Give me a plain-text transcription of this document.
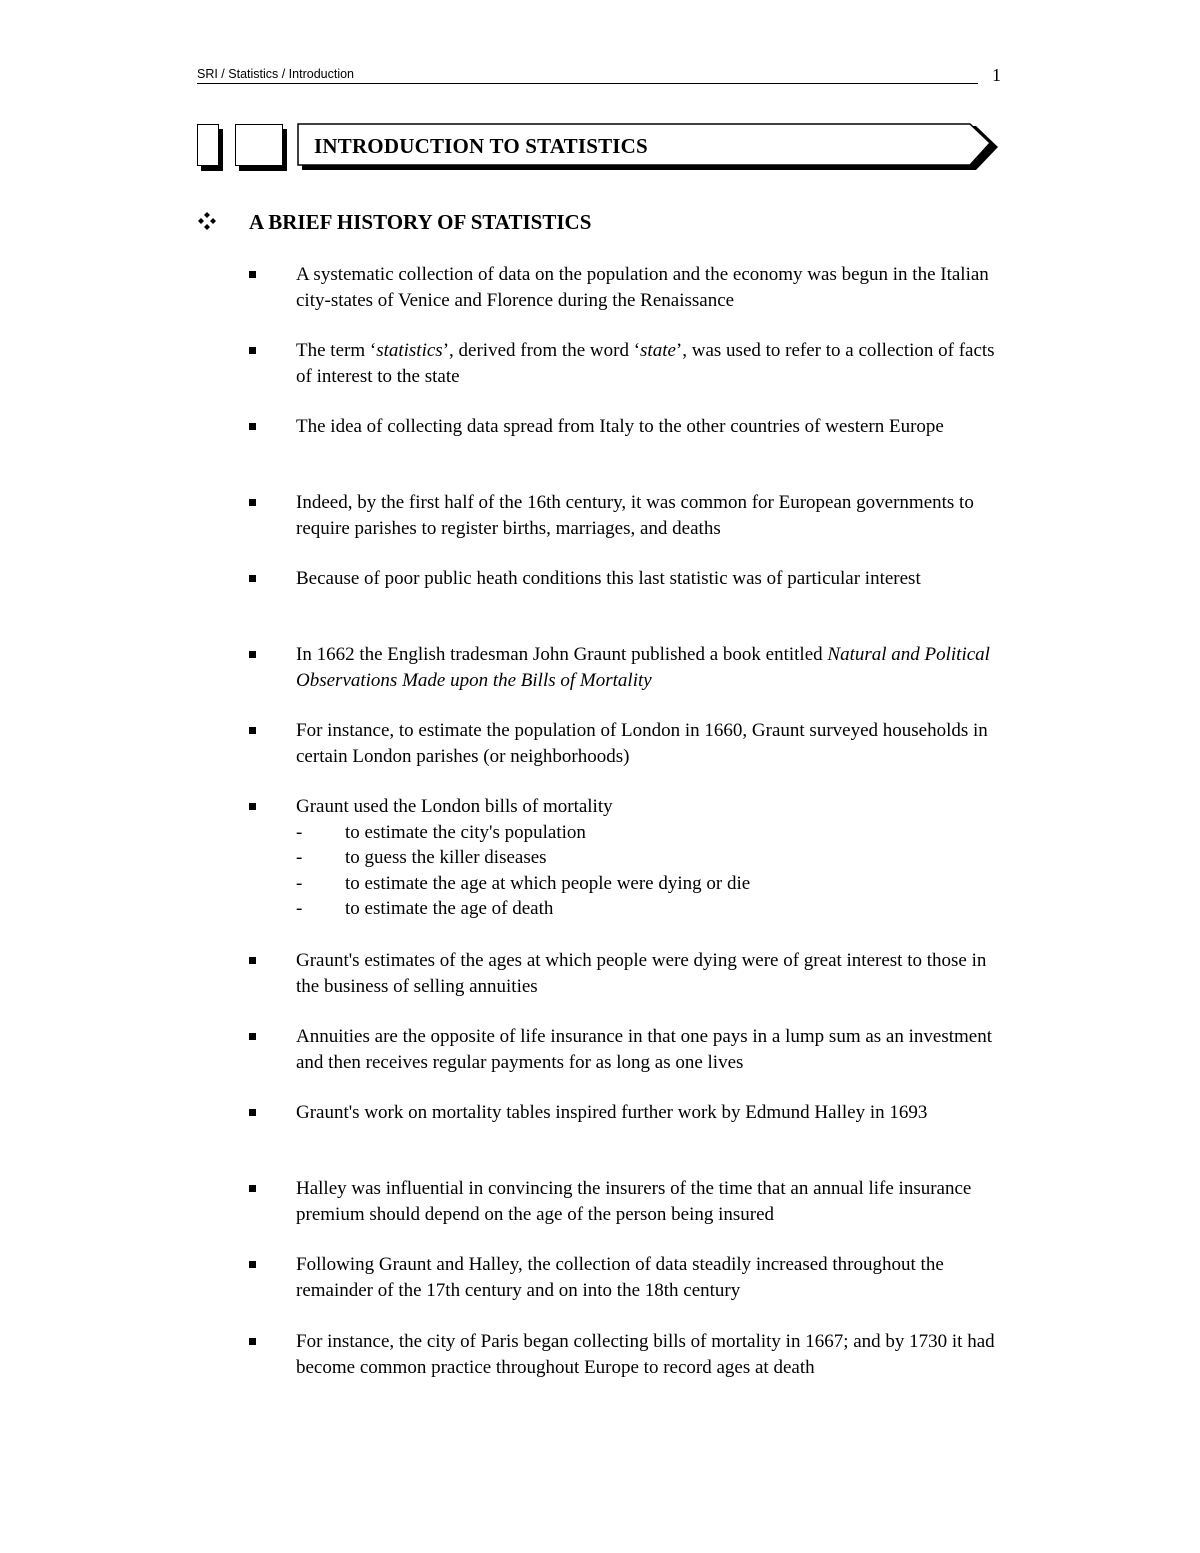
SRI / Statistics / Introduction	1
INTRODUCTION TO STATISTICS
A BRIEF HISTORY OF STATISTICS
A systematic collection of data on the population and the economy was begun in the Italian city-states of Venice and Florence during the Renaissance
The term ‘statistics’, derived from the word ‘state’, was used to refer to a collection of facts of interest to the state
The idea of collecting data spread from Italy to the other countries of western Europe
Indeed, by the first half of the 16th century, it was common for European governments to require parishes to register births, marriages, and deaths
Because of poor public heath conditions this last statistic was of particular interest
In 1662 the English tradesman John Graunt published a book entitled Natural and Political Observations Made upon the Bills of Mortality
For instance, to estimate the population of London in 1660, Graunt surveyed households in certain London parishes (or neighborhoods)
Graunt used the London bills of mortality
- to estimate the city's population
- to guess the killer diseases
- to estimate the age at which people were dying or die
- to estimate the age of death
Graunt's estimates of the ages at which people were dying were of great interest to those in the business of selling annuities
Annuities are the opposite of life insurance in that one pays in a lump sum as an investment and then receives regular payments for as long as one lives
Graunt's work on mortality tables inspired further work by Edmund Halley in 1693
Halley was influential in convincing the insurers of the time that an annual life insurance premium should depend on the age of the person being insured
Following Graunt and Halley, the collection of data steadily increased throughout the remainder of the 17th century and on into the 18th century
For instance, the city of Paris began collecting bills of mortality in 1667; and by 1730 it had become common practice throughout Europe to record ages at death
